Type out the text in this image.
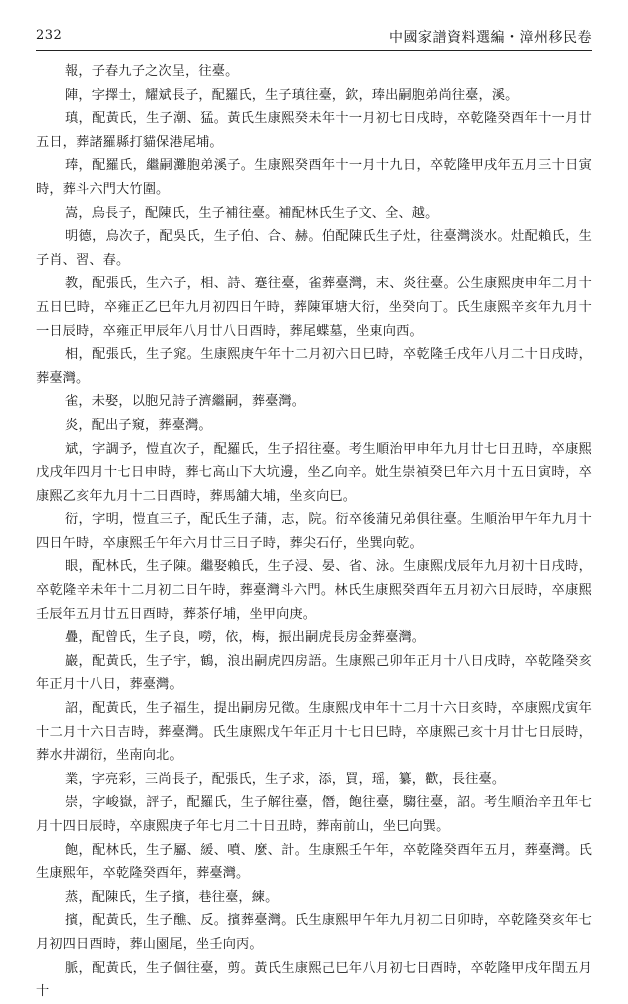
232	中國家譜資料選編・漳州移民卷

報，子春九子之次呈，往臺。

陣，字擇士，耀斌長子，配羅氏，生子瑱往臺，欽，琫出嗣胞弟尚往臺，溪。

瑱，配黃氏，生子潮、猛。黃氏生康熙癸未年十一月初七日戌時，卒乾隆癸酉年十一月廿五日，葬諸羅縣打貓保港尾埔。

琫，配羅氏，繼嗣灘胞弟溪子。生康熙癸酉年十一月十九日，卒乾隆甲戌年五月三十日寅時，葬斗六門大竹圍。

嵩，烏長子，配陳氏，生子補往臺。補配林氏生子文、全、越。

明德，烏次子，配吳氏，生子伯、合、赫。伯配陳氏生子灶，往臺灣淡水。灶配賴氏，生子肖、習、春。

教，配張氏，生六子，相、詩、蹇往臺，雀葬臺灣，末、炎往臺。公生康熙庚申年二月十五日巳時，卒雍正乙巳年九月初四日午時，葬陳軍塘大衍，坐癸向丁。氏生康熙辛亥年九月十一日辰時，卒雍正甲辰年八月廿八日酉時，葬尾蝶墓，坐東向西。

相，配張氏，生子窕。生康熙庚午年十二月初六日巳時，卒乾隆壬戌年八月二十日戌時，葬臺灣。

雀，未娶，以胞兄詩子濟繼嗣，葬臺灣。

炎，配出子窺，葬臺灣。

斌，字調予，愷直次子，配羅氏，生子招往臺。考生順治甲申年九月廿七日丑時，卒康熙戊戌年四月十七日申時，葬七高山下大坑邊，坐乙向辛。妣生崇禎癸巳年六月十五日寅時，卒康熙乙亥年九月十二日酉時，葬馬舖大埔，坐亥向巳。

衍，字明，愷直三子，配氏生子蒲，志，院。衍卒後蒲兄弟俱往臺。生順治甲午年九月十四日午時，卒康熙壬午年六月廿三日子時，葬尖石仔，坐巽向乾。

眼，配林氏，生子陳。繼娶賴氏，生子浸、晏、省、泳。生康熙戊辰年九月初十日戌時，卒乾隆辛未年十二月初二日午時，葬臺灣斗六門。林氏生康熙癸酉年五月初六日辰時，卒康熙壬辰年五月廿五日酉時，葬茶仔埔，坐甲向庚。

疊，配曾氏，生子良，嘮，依，梅，振出嗣虎長房金葬臺灣。

巖，配黃氏，生子宇，鶴，浪出嗣虎四房語。生康熙己卯年正月十八日戌時，卒乾隆癸亥年正月十八日，葬臺灣。

詔，配黃氏，生子福生，提出嗣房兄徵。生康熙戊申年十二月十六日亥時，卒康熙戊寅年十二月十六日吉時，葬臺灣。氏生康熙戊午年正月十七日巳時，卒康熙己亥十月廿七日辰時，葬水井湖衍，坐南向北。

業，字亮彩，三尚長子，配張氏，生子求，添，買，瑶，纂，歡，長往臺。

崇，字峻嶽，評子，配羅氏，生子解往臺，僭，飽往臺，騶往臺，詔。考生順治辛丑年七月十四日辰時，卒康熙庚子年七月二十日丑時，葬南前山，坐巳向巽。

飽，配林氏，生子屬、緩、噴、麼、計。生康熙壬午年，卒乾隆癸酉年五月，葬臺灣。氏生康熙年，卒乾隆癸酉年，葬臺灣。

蒸，配陳氏，生子擯，巷往臺，練。

擯，配黃氏，生子醮、反。擯葬臺灣。氏生康熙甲午年九月初二日卯時，卒乾隆癸亥年七月初四日酉時，葬山園尾，坐壬向丙。

脈，配黃氏，生子個往臺，剪。黃氏生康熙己巳年八月初七日酉時，卒乾隆甲戌年閏五月十
